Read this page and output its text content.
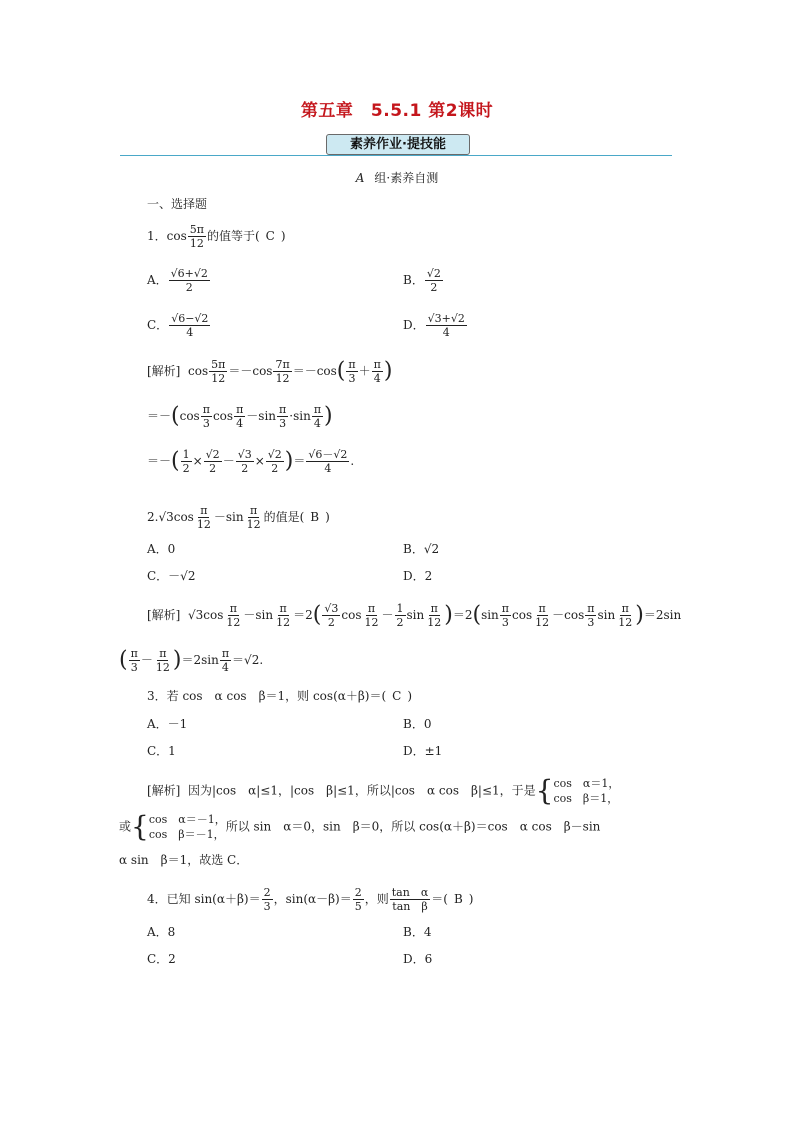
第五章　5.5.1 第2课时
素养作业·提技能
A 组·素养自测
一、选择题
1．$\cos \frac{5\pi}{12}$ 的值等于( C )
A． $\frac{√6+√2}{2}$	B． $\frac{√2}{2}$
C． $\frac{√6-√2}{4}$	D． $\frac{√3+√2}{4}$
[解析]  $\cos \frac{5\pi}{12} =-\cos \frac{7\pi}{12} =-\cos( \frac{\pi}{3} + \frac{\pi}{4}$ )
$=-(\cos \frac{\pi}{3}$ $\cos \frac{\pi}{4} -\sin \frac{\pi}{3} \cdot\sin \frac{\pi}{4}$ )
＝－( $\frac{1}{2} \times \frac{√2}{2} - \frac{√3}{2} \times \frac{√2}{2}$ )＝ $\frac{√6-√2}{4}$ .
$2.√3\cos \frac{\pi}{12} -\sin \frac{\pi}{12}$ 的值是( B )
A．0	B．√2
C．－√2	D．2
[解析]  $√3\cos \frac{\pi}{12} -\sin \frac{\pi}{12} =2( \frac{√3}{2}$ $\cos \frac{\pi}{12} - \frac{1}{2}$ $\sin \frac{\pi}{12} )=2(\sin \frac{\pi}{3}$ $\cos \frac{\pi}{12} -\cos \frac{\pi}{3}$ $\sin \frac{\pi}{12} )=2\sin$
( $\frac{\pi}{3} - \frac{\pi}{12} )=2\sin \frac{\pi}{4} =√2$.
3．若 cos　α cos　β＝1，则 cos(α＋β)＝( C )
A．－1	B．0
C．1	D．±1
[解析] 因为|cos　α|≤1，|cos　β|≤1，所以|cos　α cos　β|≤1，于是{ cos　α＝1，
cos　β＝1，
或{ cos　α＝－1，
cos　β＝－1，
所以 sin　α＝0，sin　β＝0，所以 cos(α＋β)＝cos　α cos　β－sin
α sin　β＝1，故选 C．
4．已知 $\sin(\alpha+\beta)= \frac{2}{3}$ ，$\sin(\alpha-\beta)= \frac{2}{5}$ ，则 $\frac{\text{tan　α}}{\text{tan　β}}$ ＝( B )
A．8	B．4
C．2	D．6
